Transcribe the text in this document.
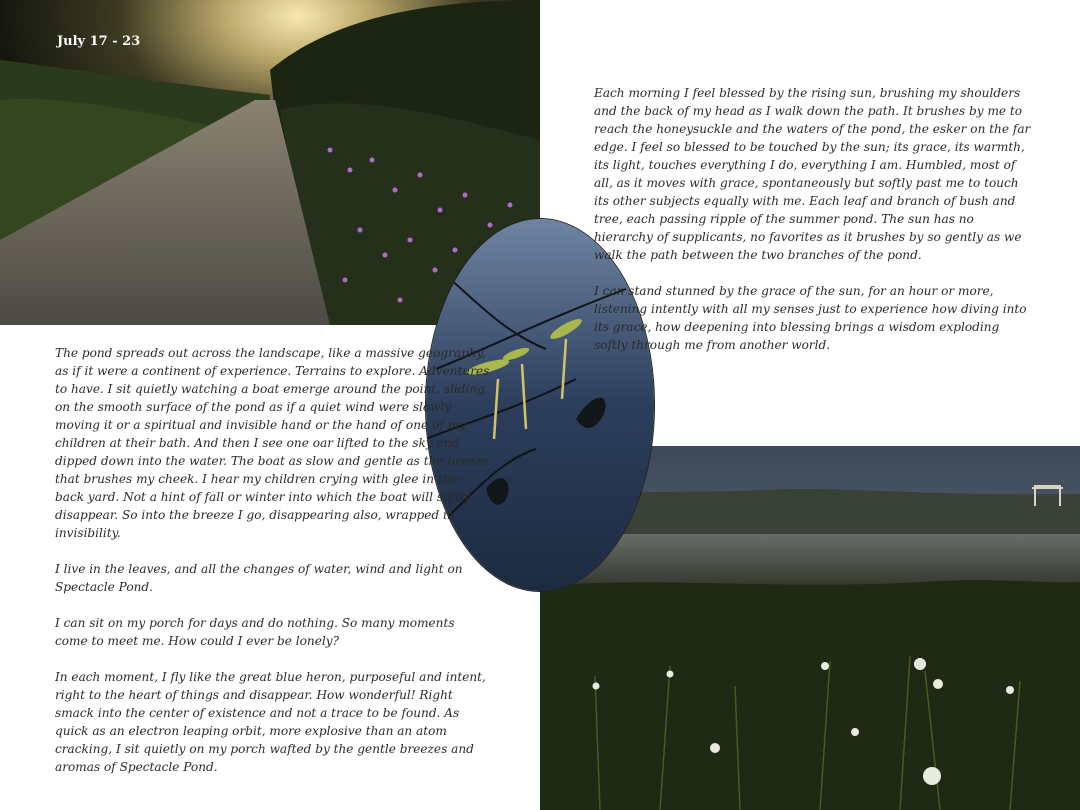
July 17 - 23

Each morning I feel blessed by the rising sun, brushing my shoulders and the back of my head as I walk down the path. It brushes by me to reach the honeysuckle and the waters of the pond, the esker on the far edge. I feel so blessed to be touched by the sun; its grace, its warmth, its light, touches everything I do, everything I am. Humbled, most of all, as it moves with grace, spontaneously but softly past me to touch its other subjects equally with me. Each leaf and branch of bush and tree, each passing ripple of the summer pond. The sun has no hierarchy of supplicants, no favorites as it brushes by so gently as we walk the path between the two branches of the pond.

I can stand stunned by the grace of the sun, for an hour or more, listening intently with all my senses just to experience how diving into its grace, how deepening into blessing brings a wisdom exploding softly through me from another world.

The pond spreads out across the landscape, like a massive geography, as if it were a continent of experience. Terrains to explore. Adventures to have. I sit quietly watching a boat emerge around the point, sliding on the smooth surface of the pond as if a quiet wind were slowly moving it or a spiritual and invisible hand or the hand of one of my children at their bath. And then I see one oar lifted to the sky and dipped down into the water. The boat as slow and gentle as the breeze that brushes my cheek. I hear my children crying with glee in the back yard. Not a hint of fall or winter into which the boat will softly disappear. So into the breeze I go, disappearing also, wrapped in invisibility.

I live in the leaves, and all the changes of water, wind and light on Spectacle Pond.

I can sit on my porch for days and do nothing. So many moments come to meet me. How could I ever be lonely?

In each moment, I fly like the great blue heron, purposeful and intent, right to the heart of things and disappear. How wonderful! Right smack into the center of existence and not a trace to be found. As quick as an electron leaping orbit, more explosive than an atom cracking, I sit quietly on my porch wafted by the gentle breezes and aromas of Spectacle Pond.
